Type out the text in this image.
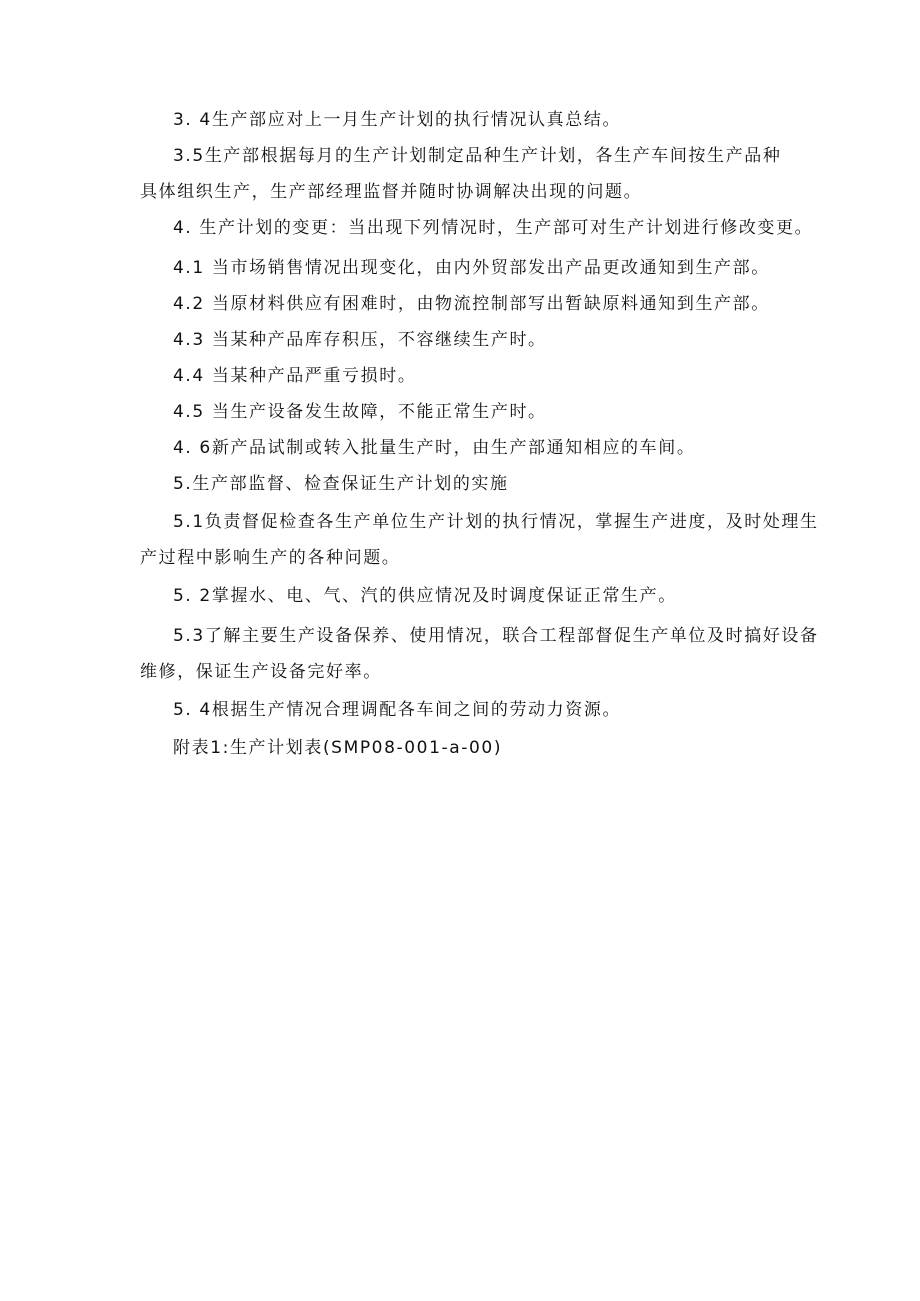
3. 4生产部应对上一月生产计划的执行情况认真总结。
3.5生产部根据每月的生产计划制定品种生产计划，各生产车间按生产品种
具体组织生产，生产部经理监督并随时协调解决出现的问题。
4. 生产计划的变更：当出现下列情况时，生产部可对生产计划进行修改变更。
4.1 当市场销售情况出现变化，由内外贸部发出产品更改通知到生产部。
4.2 当原材料供应有困难时，由物流控制部写出暂缺原料通知到生产部。
4.3 当某种产品库存积压，不容继续生产时。
4.4 当某种产品严重亏损时。
4.5 当生产设备发生故障，不能正常生产时。
4. 6新产品试制或转入批量生产时，由生产部通知相应的车间。
5.生产部监督、检查保证生产计划的实施
5.1负责督促检查各生产单位生产计划的执行情况，掌握生产进度，及时处理生
产过程中影响生产的各种问题。
5. 2掌握水、电、气、汽的供应情况及时调度保证正常生产。
5.3了解主要生产设备保养、使用情况，联合工程部督促生产单位及时搞好设备
维修，保证生产设备完好率。
5. 4根据生产情况合理调配各车间之间的劳动力资源。
附表1:生产计划表(SMP08-001-a-00)
